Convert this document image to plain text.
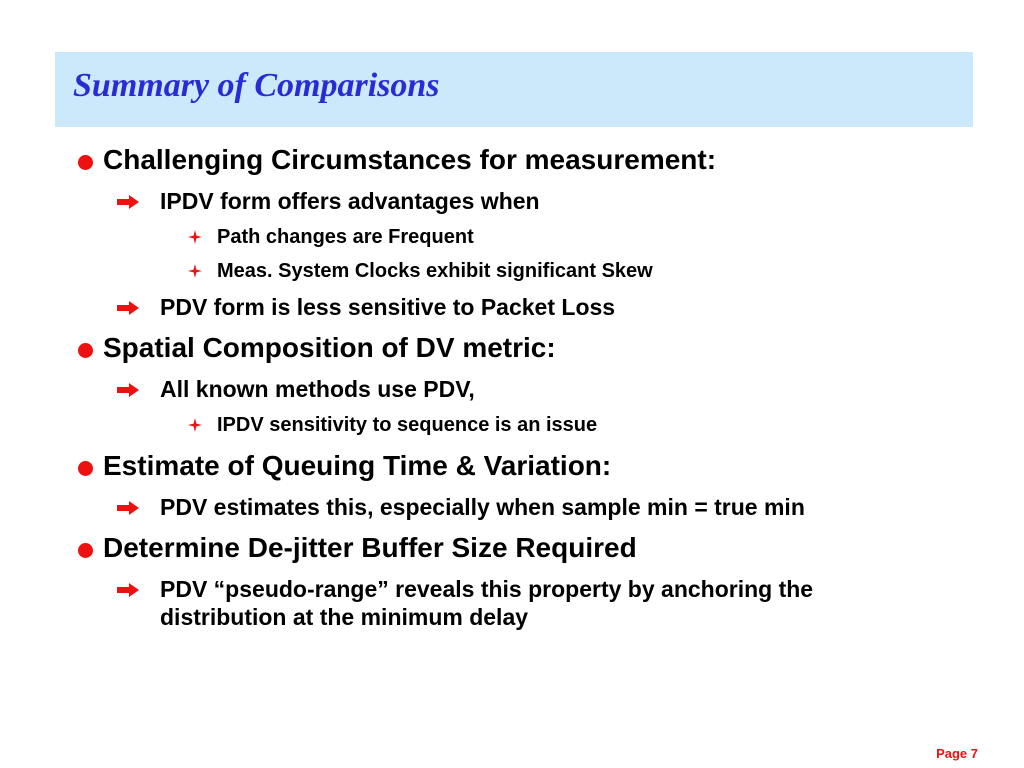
Summary of Comparisons
Challenging Circumstances for measurement:
IPDV form offers advantages when
Path changes are Frequent
Meas. System Clocks exhibit significant Skew
PDV form is less sensitive to Packet Loss
Spatial Composition of DV metric:
All known methods use PDV,
IPDV sensitivity to sequence is an issue
Estimate of Queuing Time & Variation:
PDV estimates this, especially when sample min = true min
Determine De-jitter Buffer Size Required
PDV “pseudo-range” reveals this property by anchoring the
distribution at the minimum delay
Page 7
